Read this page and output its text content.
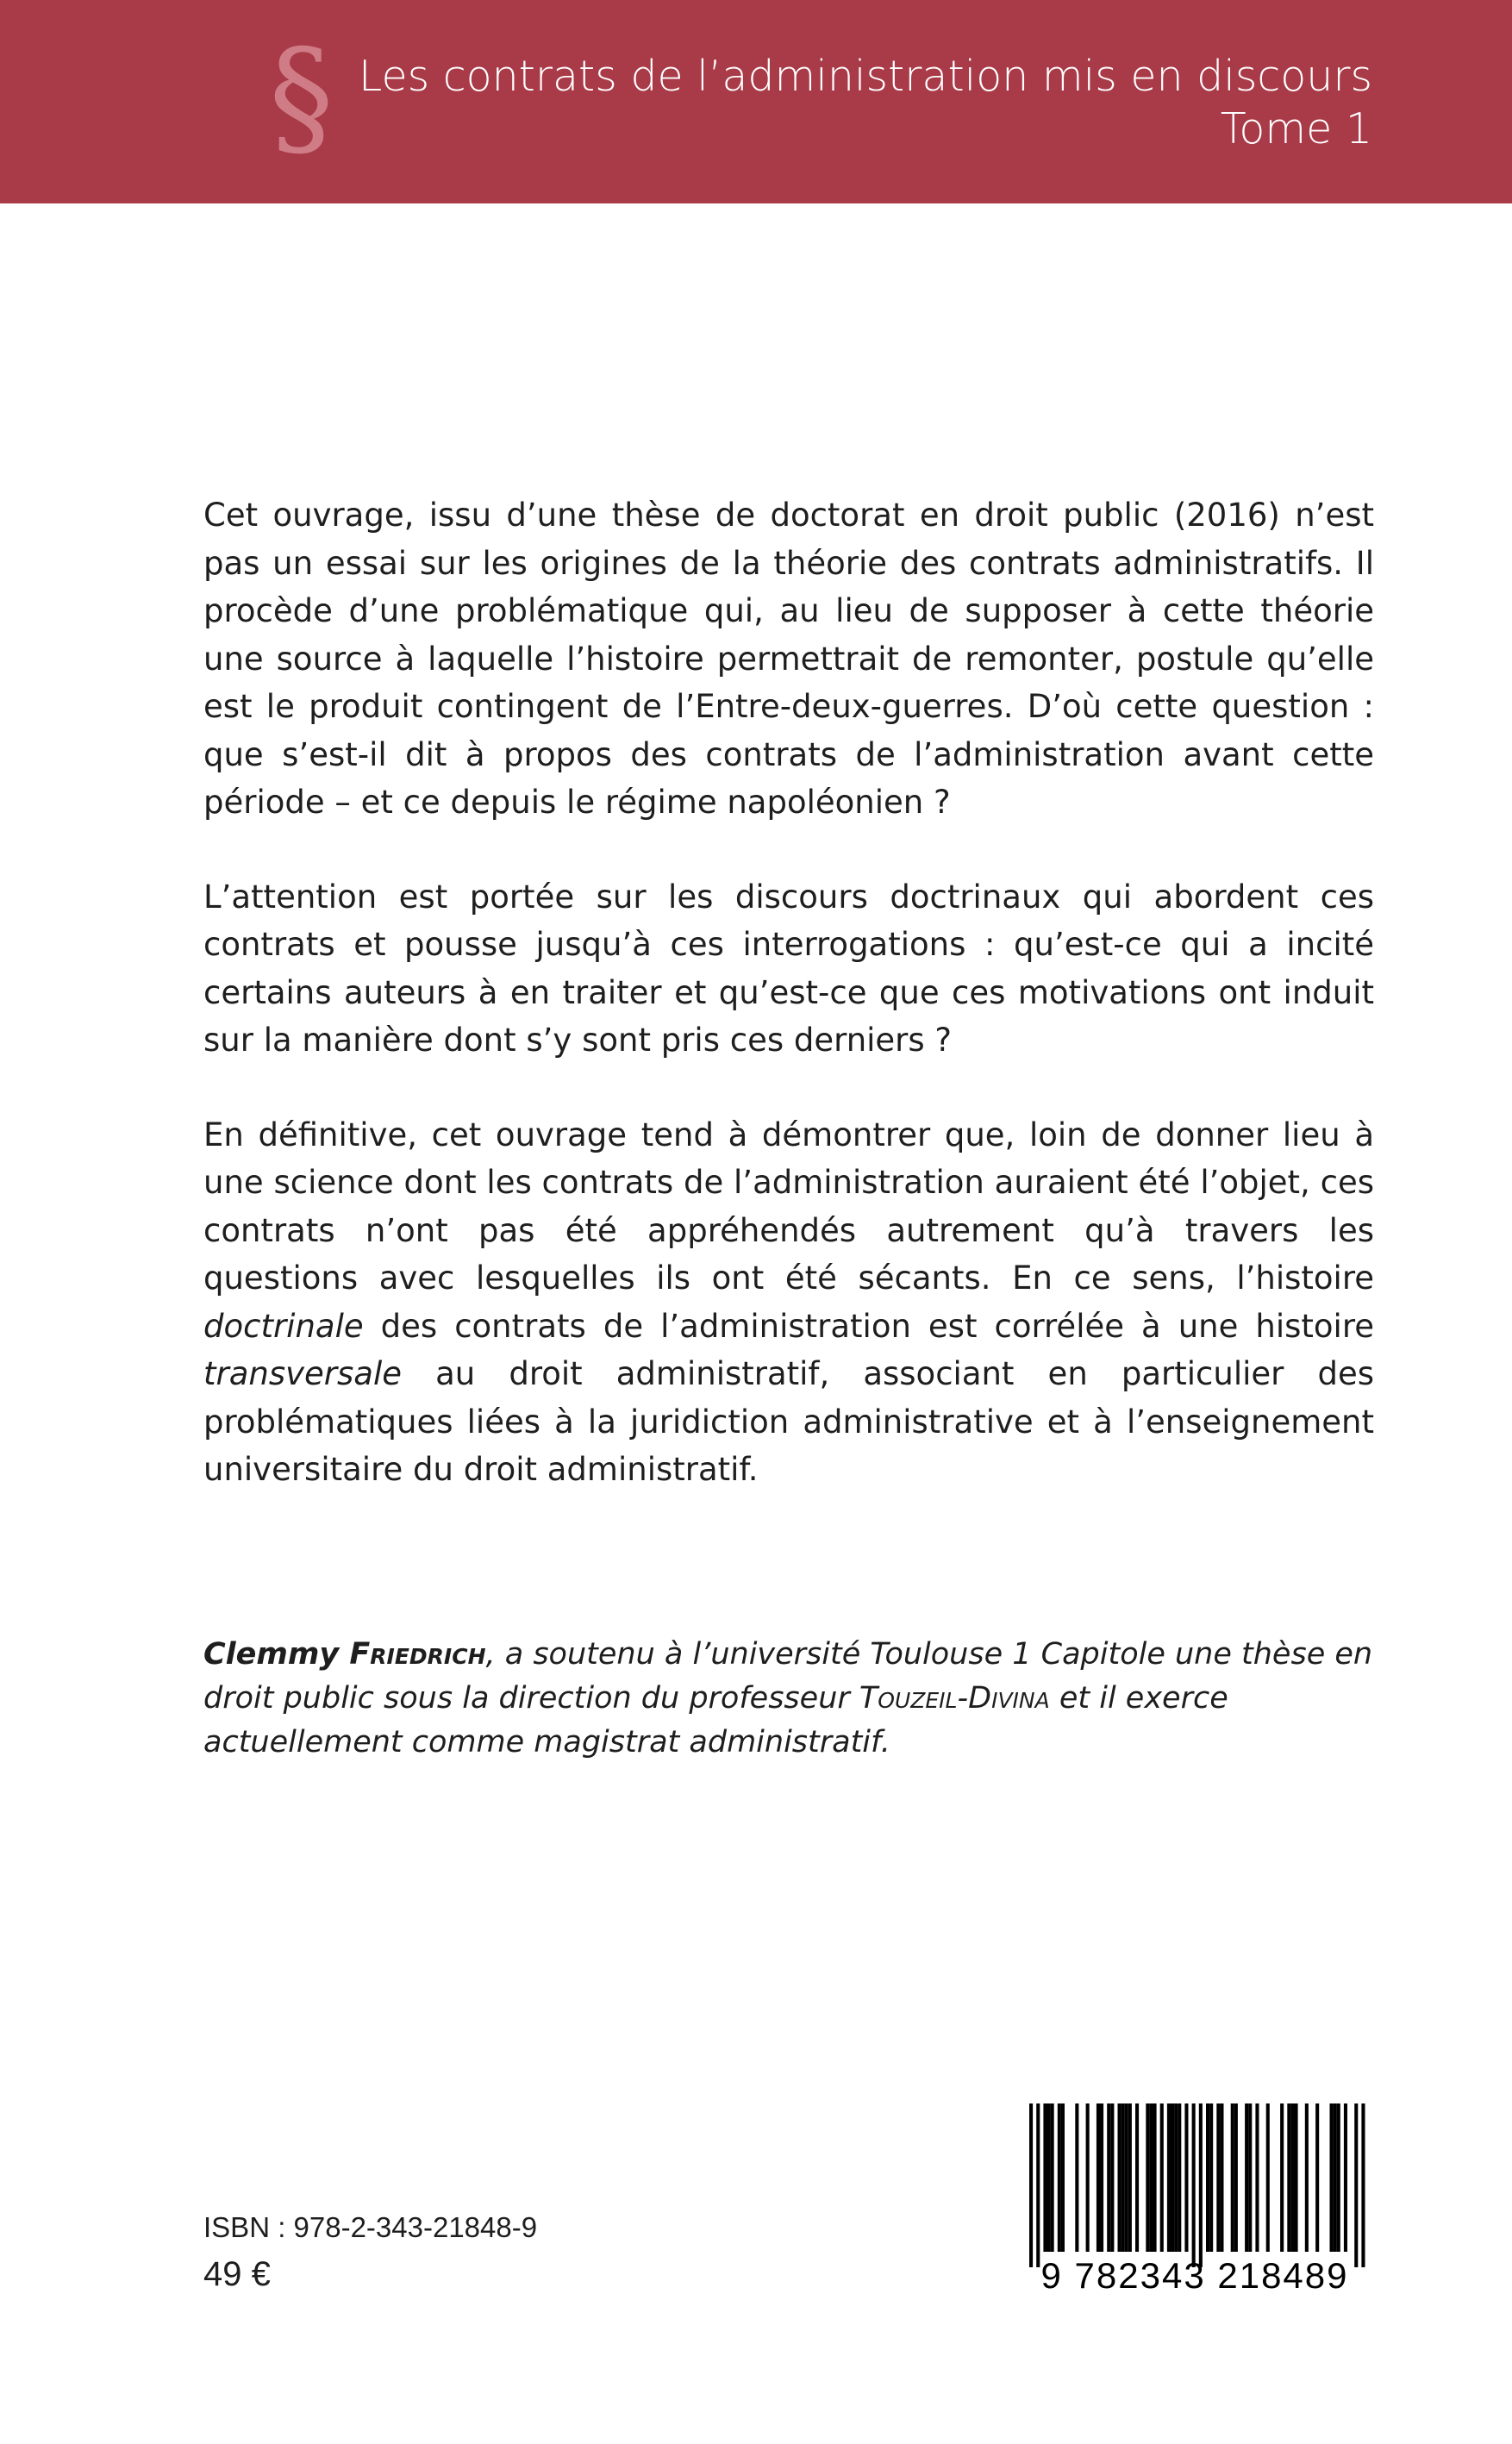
§ Les contrats de l’administration mis en discours
Tome 1

Cet ouvrage, issu d’une thèse de doctorat en droit public (2016) n’est pas un essai sur les origines de la théorie des contrats administratifs. Il procède d’une problématique qui, au lieu de supposer à cette théorie une source à laquelle l’histoire permettrait de remonter, postule qu’elle est le produit contingent de l’Entre-deux-guerres. D’où cette question : que s’est-il dit à propos des contrats de l’administration avant cette période – et ce depuis le régime napoléonien ?

L’attention est portée sur les discours doctrinaux qui abordent ces contrats et pousse jusqu’à ces interrogations : qu’est-ce qui a incité certains auteurs à en traiter et qu’est-ce que ces motivations ont induit sur la manière dont s’y sont pris ces derniers ?

En définitive, cet ouvrage tend à démontrer que, loin de donner lieu à une science dont les contrats de l’administration auraient été l’objet, ces contrats n’ont pas été appréhendés autrement qu’à travers les questions avec lesquelles ils ont été sécants. En ce sens, l’histoire doctrinale des contrats de l’administration est corrélée à une histoire transversale au droit administratif, associant en particulier des problématiques liées à la juridiction administrative et à l’enseignement universitaire du droit administratif.

Clemmy Friedrich, a soutenu à l’université Toulouse 1 Capitole une thèse en droit public sous la direction du professeur Touzeil-Divina et il exerce actuellement comme magistrat administratif.

ISBN : 978-2-343-21848-9
49 €	9 782343 218489
